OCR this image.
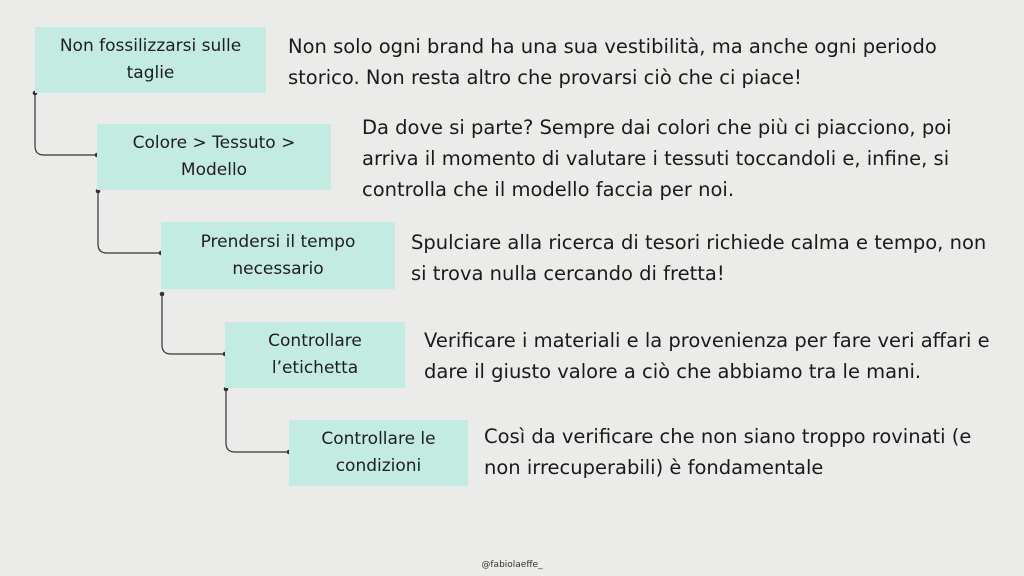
Non fossilizzarsi sulle taglie
Non solo ogni brand ha una sua vestibilità, ma anche ogni periodo storico. Non resta altro che provarsi ciò che ci piace!
Colore > Tessuto > Modello
Da dove si parte? Sempre dai colori che più ci piacciono, poi arriva il momento di valutare i tessuti toccandoli e, infine, si controlla che il modello faccia per noi.
Prendersi il tempo necessario
Spulciare alla ricerca di tesori richiede calma e tempo, non si trova nulla cercando di fretta!
Controllare l’etichetta
Verificare i materiali e la provenienza per fare veri affari e dare il giusto valore a ciò che abbiamo tra le mani.
Controllare le condizioni
Così da verificare che non siano troppo rovinati (e non irrecuperabili) è fondamentale
@fabiolaeffe_
